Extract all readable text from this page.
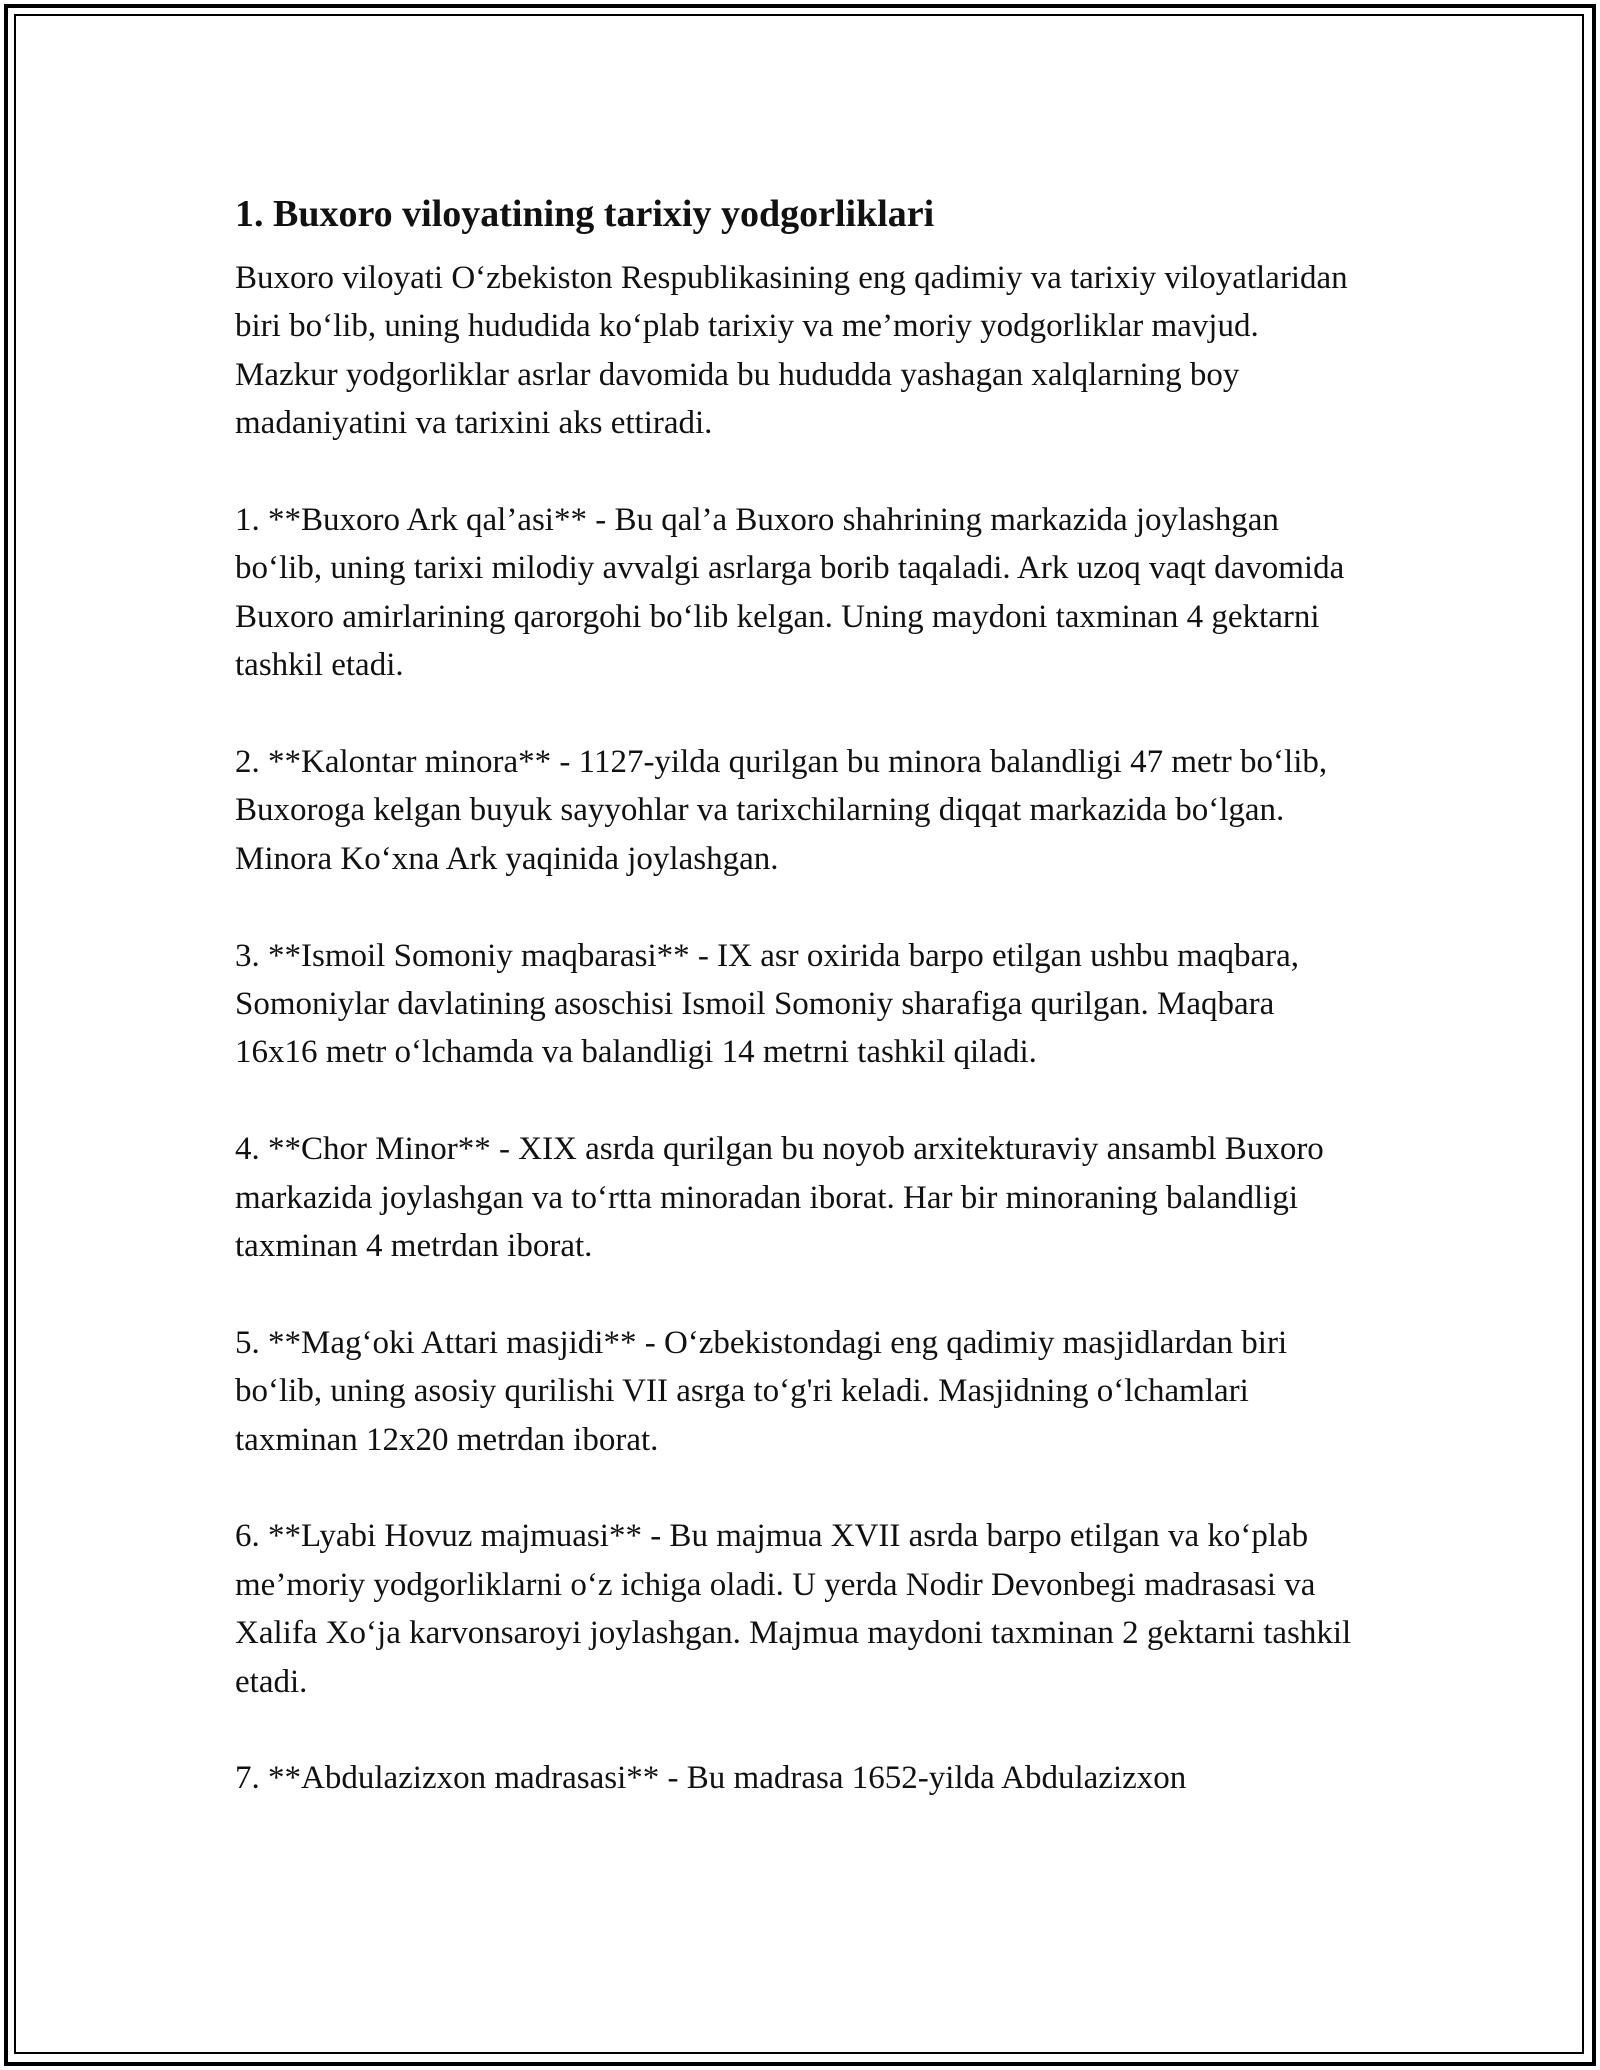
1. Buxoro viloyatining tarixiy yodgorliklari

Buxoro viloyati O‘zbekiston Respublikasining eng qadimiy va tarixiy viloyatlaridan biri bo‘lib, uning hududida ko‘plab tarixiy va me’moriy yodgorliklar mavjud. Mazkur yodgorliklar asrlar davomida bu hududda yashagan xalqlarning boy madaniyatini va tarixini aks ettiradi.

1. **Buxoro Ark qal’asi** - Bu qal’a Buxoro shahrining markazida joylashgan bo‘lib, uning tarixi milodiy avvalgi asrlarga borib taqaladi. Ark uzoq vaqt davomida Buxoro amirlarining qarorgohi bo‘lib kelgan. Uning maydoni taxminan 4 gektarni tashkil etadi.

2. **Kalontar minora** - 1127-yilda qurilgan bu minora balandligi 47 metr bo‘lib, Buxoroga kelgan buyuk sayyohlar va tarixchilarning diqqat markazida bo‘lgan. Minora Ko‘xna Ark yaqinida joylashgan.

3. **Ismoil Somoniy maqbarasi** - IX asr oxirida barpo etilgan ushbu maqbara, Somoniylar davlatining asoschisi Ismoil Somoniy sharafiga qurilgan. Maqbara 16x16 metr o‘lchamda va balandligi 14 metrni tashkil qiladi.

4. **Chor Minor** - XIX asrda qurilgan bu noyob arxitekturaviy ansambl Buxoro markazida joylashgan va to‘rtta minoradan iborat. Har bir minoraning balandligi taxminan 4 metrdan iborat.

5. **Mag‘oki Attari masjidi** - O‘zbekistondagi eng qadimiy masjidlardan biri bo‘lib, uning asosiy qurilishi VII asrga to‘g'ri keladi. Masjidning o‘lchamlari taxminan 12x20 metrdan iborat.

6. **Lyabi Hovuz majmuasi** - Bu majmua XVII asrda barpo etilgan va ko‘plab me’moriy yodgorliklarni o‘z ichiga oladi. U yerda Nodir Devonbegi madrasasi va Xalifa Xo‘ja karvonsaroyi joylashgan. Majmua maydoni taxminan 2 gektarni tashkil etadi.

7. **Abdulazizxon madrasasi** - Bu madrasa 1652-yilda Abdulazizxon
